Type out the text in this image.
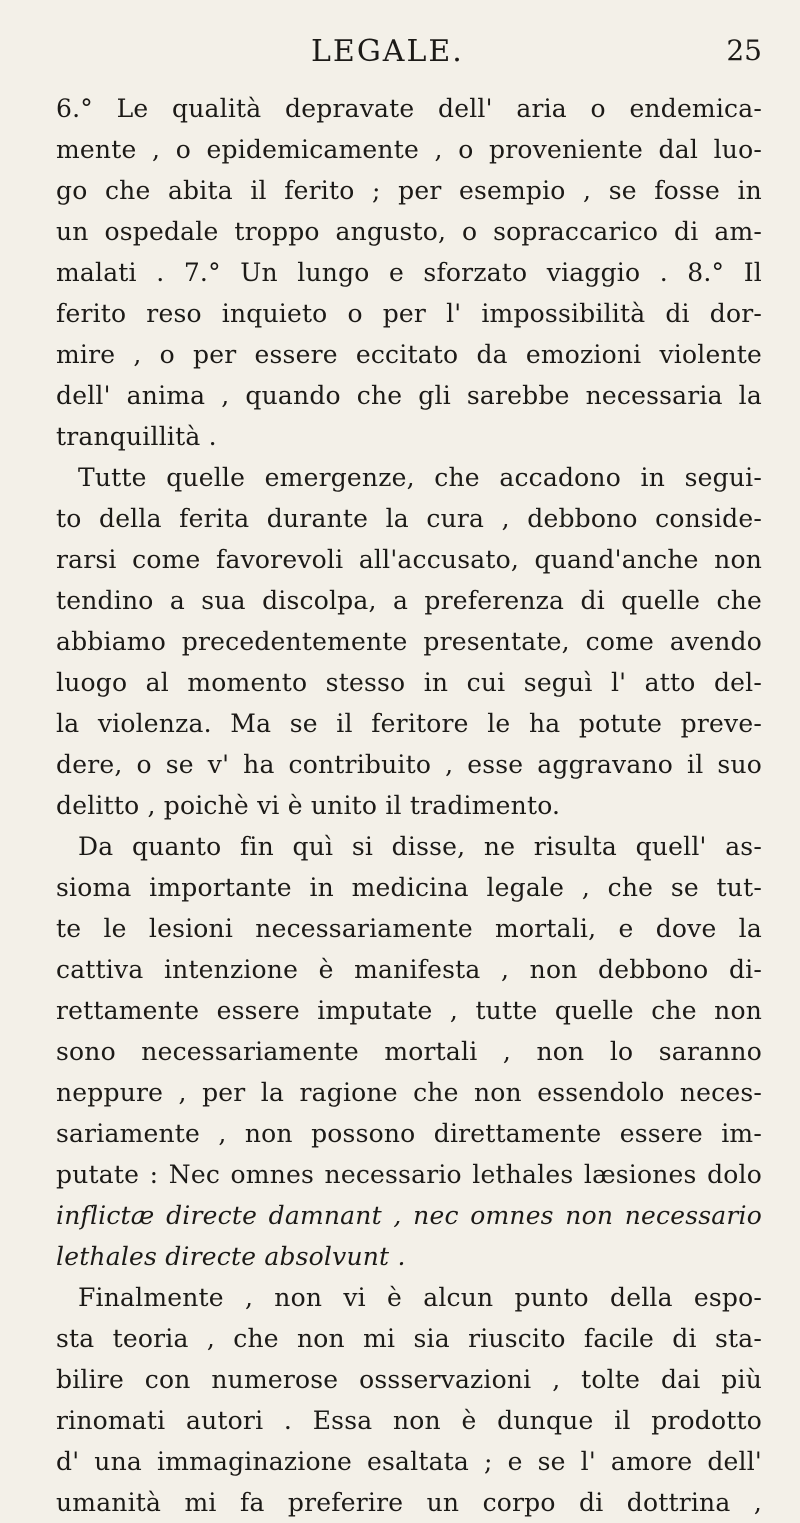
LEGALE.	25
6.° Le qualità depravate dell' aria o endemica-
mente , o epidemicamente , o proveniente dal luo-
go che abita il ferito ; per esempio , se fosse in
un ospedale troppo angusto, o sopraccarico di am-
malati . 7.° Un lungo e sforzato viaggio . 8.° Il
ferito reso inquieto o per l' impossibilità di dor-
mire , o per essere eccitato da emozioni violente
dell' anima , quando che gli sarebbe necessaria la
tranquillità .
Tutte quelle emergenze, che accadono in segui-
to della ferita durante la cura , debbono conside-
rarsi come favorevoli all'accusato, quand'anche non
tendino a sua discolpa, a preferenza di quelle che
abbiamo precedentemente presentate, come avendo
luogo al momento stesso in cui seguì l' atto del-
la violenza. Ma se il feritore le ha potute preve-
dere, o se v' ha contribuito , esse aggravano il suo
delitto , poichè vi è unito il tradimento.
Da quanto fin quì si disse, ne risulta quell' as-
sioma importante in medicina legale , che se tut-
te le lesioni necessariamente mortali, e dove la
cattiva intenzione è manifesta , non debbono di-
rettamente essere imputate , tutte quelle che non
sono necessariamente mortali , non lo saranno
neppure , per la ragione che non essendolo neces-
sariamente , non possono direttamente essere im-
putate : Nec omnes necessario lethales læsiones dolo
inflictæ directe damnant , nec omnes non necessario
lethales directe absolvunt .
Finalmente , non vi è alcun punto della espo-
sta teoria , che non mi sia riuscito facile di sta-
bilire con numerose ossservazioni , tolte dai più
rinomati autori . Essa non è dunque il prodotto
d' una immaginazione esaltata ; e se l' amore dell'
umanità mi fa preferire un corpo di dottrina ,
